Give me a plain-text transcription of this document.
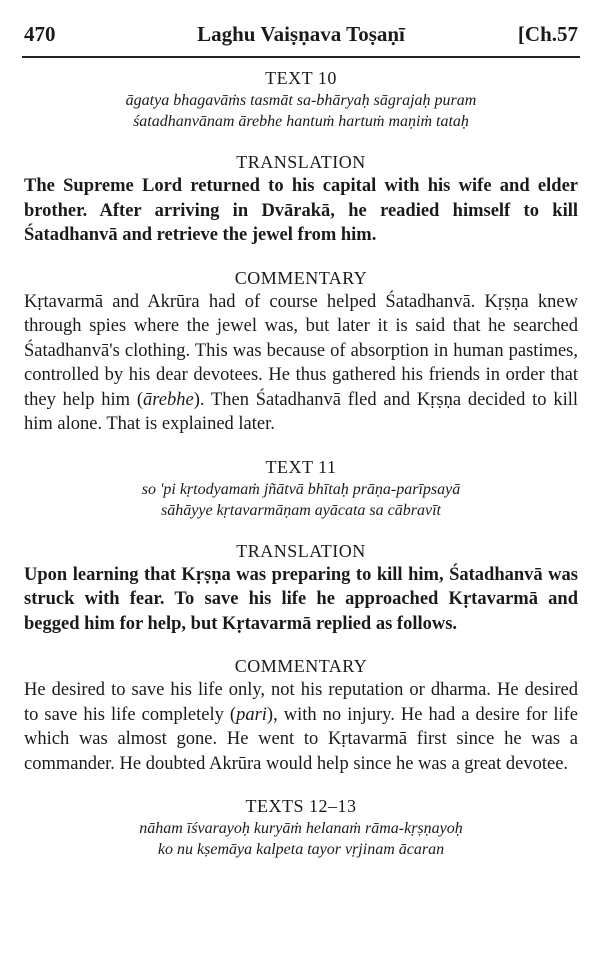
470	Laghu Vaiṣṇava Toṣaṇī	[Ch.57
TEXT 10
āgatya bhagavāṁs tasmāt sa-bhāryaḥ sāgrajaḥ puram
śatadhanvānam ārebhe hantuṁ hartuṁ maṇiṁ tataḥ
TRANSLATION

The Supreme Lord returned to his capital with his wife and elder brother. After arriving in Dvārakā, he readied himself to kill Śatadhanvā and retrieve the jewel from him.

COMMENTARY

Kṛtavarmā and Akrūra had of course helped Śatadhanvā. Kṛṣṇa knew through spies where the jewel was, but later it is said that he searched Śatadhanvā's clothing. This was because of absorption in human pastimes, controlled by his dear devotees. He thus gathered his friends in order that they help him (ārebhe). Then Śatadhanvā fled and Kṛṣṇa decided to kill him alone. That is explained later.

TEXT 11
so 'pi kṛtodyamaṁ jñātvā bhītaḥ prāṇa-parīpsayā
sāhāyye kṛtavarmāṇam ayācata sa cābravīt
TRANSLATION

Upon learning that Kṛṣṇa was preparing to kill him, Śatadhanvā was struck with fear. To save his life he approached Kṛtavarmā and begged him for help, but Kṛtavarmā replied as follows.

COMMENTARY

He desired to save his life only, not his reputation or dharma. He desired to save his life completely (pari), with no injury. He had a desire for life which was almost gone. He went to Kṛtavarmā first since he was a commander. He doubted Akrūra would help since he was a great devotee.

TEXTS 12–13
nāham īśvarayoḥ kuryāṁ helanaṁ rāma-kṛṣṇayoḥ
ko nu kṣemāya kalpeta tayor vṛjinam ācaran
